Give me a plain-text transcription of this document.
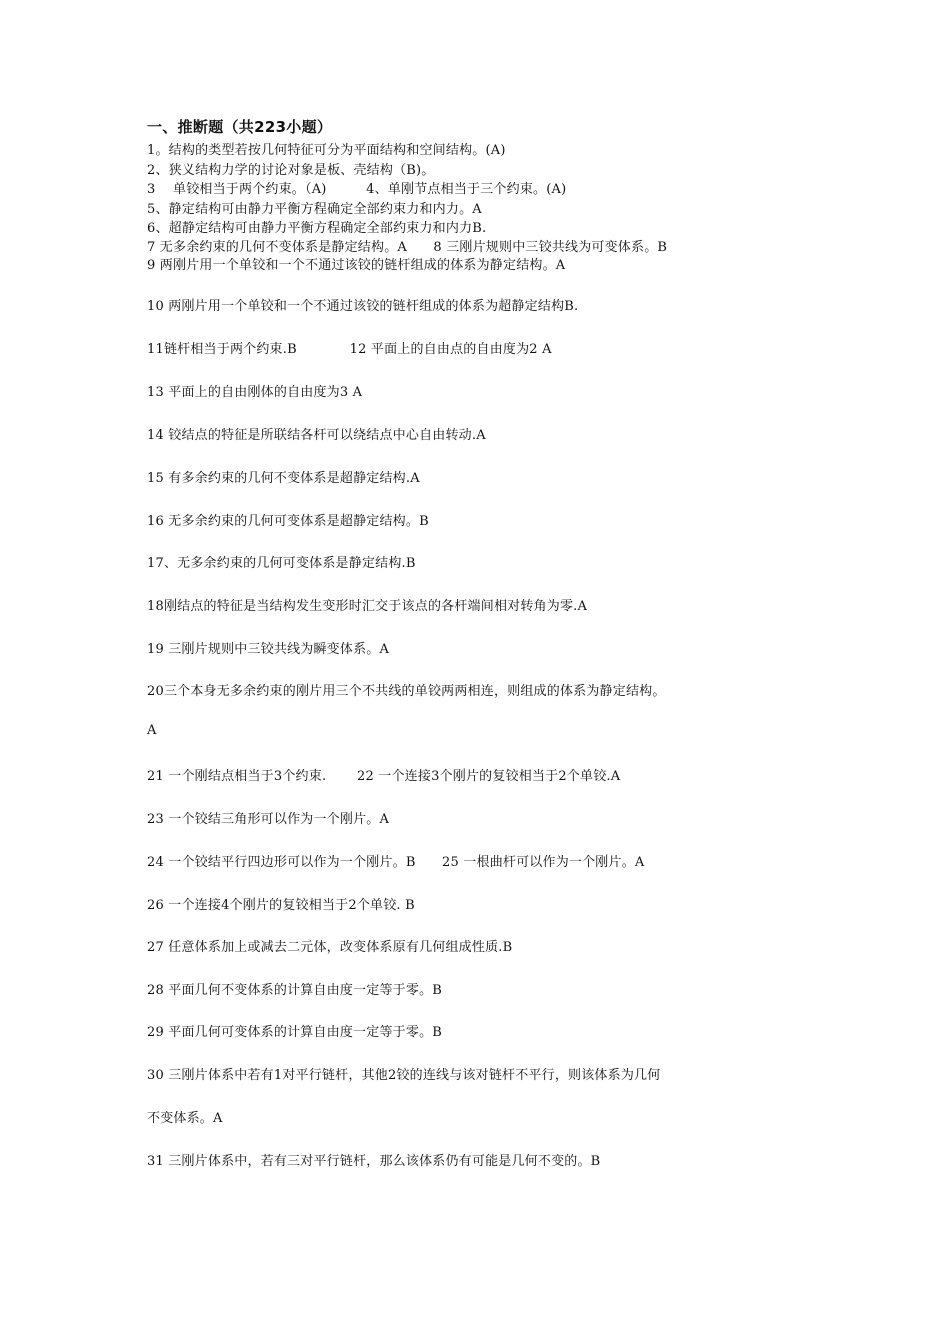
一、推断题（共223小题）
1。结构的类型若按几何特征可分为平面结构和空间结构。(A)
2、狭义结构力学的讨论对象是板、壳结构（B)。
3　 单铰相当于两个约束。（A)　　　4、单刚节点相当于三个约束。(A)
5、静定结构可由静力平衡方程确定全部约束力和内力。A
6、超静定结构可由静力平衡方程确定全部约束力和内力B.
7 无多余约束的几何不变体系是静定结构。A　　8 三刚片规则中三铰共线为可变体系。B
9 两刚片用一个单铰和一个不通过该铰的链杆组成的体系为静定结构。A
10 两刚片用一个单铰和一个不通过该铰的链杆组成的体系为超静定结构B.
11链杆相当于两个约束.B　　　　12 平面上的自由点的自由度为2 A
13 平面上的自由刚体的自由度为3 A
14 铰结点的特征是所联结各杆可以绕结点中心自由转动.A
15 有多余约束的几何不变体系是超静定结构.A
16 无多余约束的几何可变体系是超静定结构。B
17、无多余约束的几何可变体系是静定结构.B
18刚结点的特征是当结构发生变形时汇交于该点的各杆端间相对转角为零.A
19 三刚片规则中三铰共线为瞬变体系。A
20三个本身无多余约束的刚片用三个不共线的单铰两两相连，则组成的体系为静定结构。
A
21 一个刚结点相当于3个约束.　　 22 一个连接3个刚片的复铰相当于2个单铰.A
23 一个铰结三角形可以作为一个刚片。A
24 一个铰结平行四边形可以作为一个刚片。B　　25 一根曲杆可以作为一个刚片。A
26 一个连接4个刚片的复铰相当于2个单铰. B
27 任意体系加上或减去二元体，改变体系原有几何组成性质.B
28 平面几何不变体系的计算自由度一定等于零。B
29 平面几何可变体系的计算自由度一定等于零。B
30 三刚片体系中若有1对平行链杆，其他2铰的连线与该对链杆不平行，则该体系为几何
不变体系。A
31 三刚片体系中，若有三对平行链杆，那么该体系仍有可能是几何不变的。B
